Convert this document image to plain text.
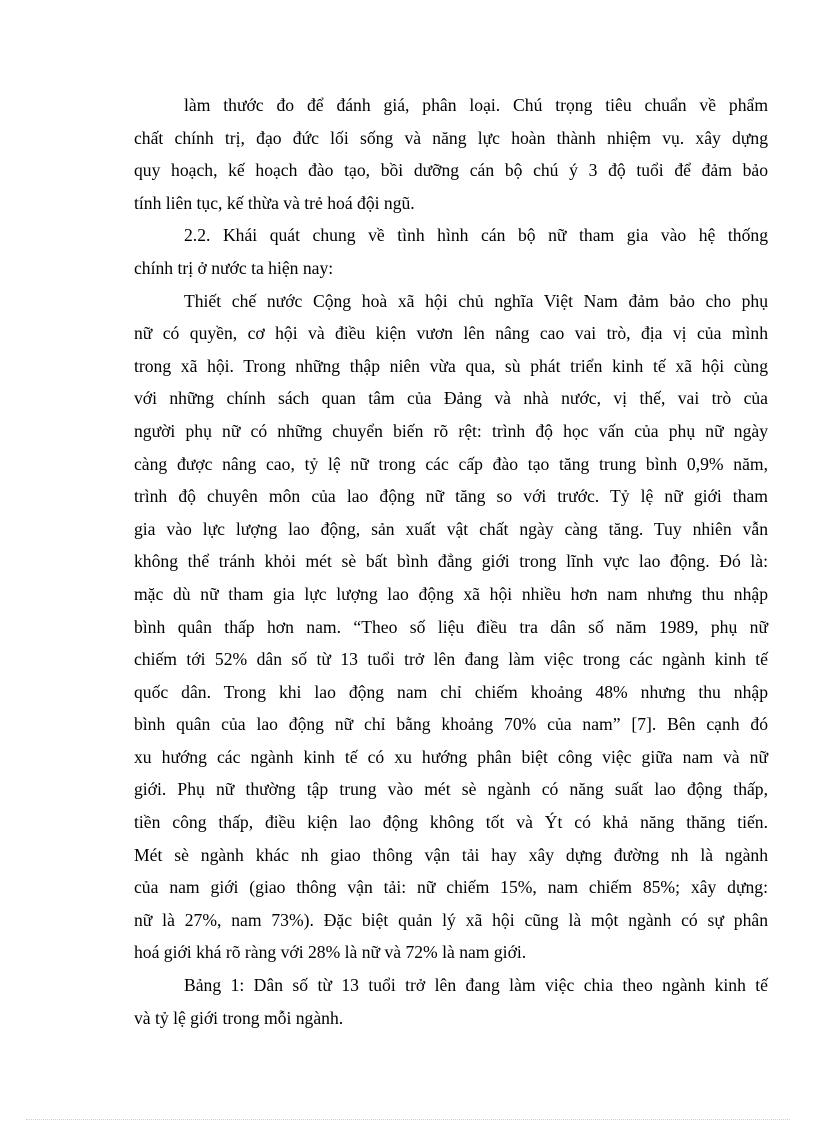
làm thước đo để đánh giá, phân loại. Chú trọng tiêu chuẩn về phẩm
chất chính trị, đạo đức lối sống và năng lực hoàn thành nhiệm vụ. xây dựng
quy hoạch, kế hoạch đào tạo, bồi dưỡng cán bộ chú ý 3 độ tuổi để đảm bảo
tính liên tục, kế thừa và trẻ hoá đội ngũ.
2.2. Khái quát chung về tình hình cán bộ nữ tham gia vào hệ thống
chính trị ở nước ta hiện nay:
Thiết chế nước Cộng hoà xã hội chủ nghĩa Việt Nam đảm bảo cho phụ
nữ có quyền, cơ hội và điều kiện vươn lên nâng cao vai trò, địa vị của mình
trong xã hội. Trong những thập niên vừa qua, sù phát triển kinh tế xã hội cùng
với những chính sách quan tâm của Đảng và nhà nước, vị thế, vai trò của
người phụ nữ có những chuyển biến rõ rệt: trình độ học vấn của phụ nữ ngày
càng được nâng cao, tỷ lệ nữ trong các cấp đào tạo tăng trung bình 0,9% năm,
trình độ chuyên môn của lao động nữ tăng so với trước. Tỷ lệ nữ giới tham
gia vào lực lượng lao động, sản xuất vật chất ngày càng tăng. Tuy nhiên vẫn
không thể tránh khỏi mét sè bất bình đẳng giới trong lĩnh vực lao động. Đó là:
mặc dù nữ tham gia lực lượng lao động xã hội nhiều hơn nam nhưng thu nhập
bình quân thấp hơn nam. “Theo số liệu điều tra dân số năm 1989, phụ nữ
chiếm tới 52% dân số từ 13 tuổi trở lên đang làm việc trong các ngành kinh tế
quốc dân. Trong khi lao động nam chỉ chiếm khoảng 48% nhưng thu nhập
bình quân của lao động nữ chỉ bằng khoảng 70% của nam” [7]. Bên cạnh đó
xu hướng các ngành kinh tế có xu hướng phân biệt công việc giữa nam và nữ
giới. Phụ nữ thường tập trung vào mét sè ngành có năng suất lao động thấp,
tiền công thấp, điều kiện lao động không tốt và Ýt có khả năng thăng tiến.
Mét sè ngành khác nh giao thông vận tải hay xây dựng đường nh là ngành
của nam giới (giao thông vận tải: nữ chiếm 15%, nam chiếm 85%; xây dựng:
nữ là 27%, nam 73%). Đặc biệt quản lý xã hội cũng là một ngành có sự phân
hoá giới khá rõ ràng với 28% là nữ và 72% là nam giới.
Bảng 1: Dân số từ 13 tuổi trở lên đang làm việc chia theo ngành kinh tế
và tỷ lệ giới trong mỗi ngành.
